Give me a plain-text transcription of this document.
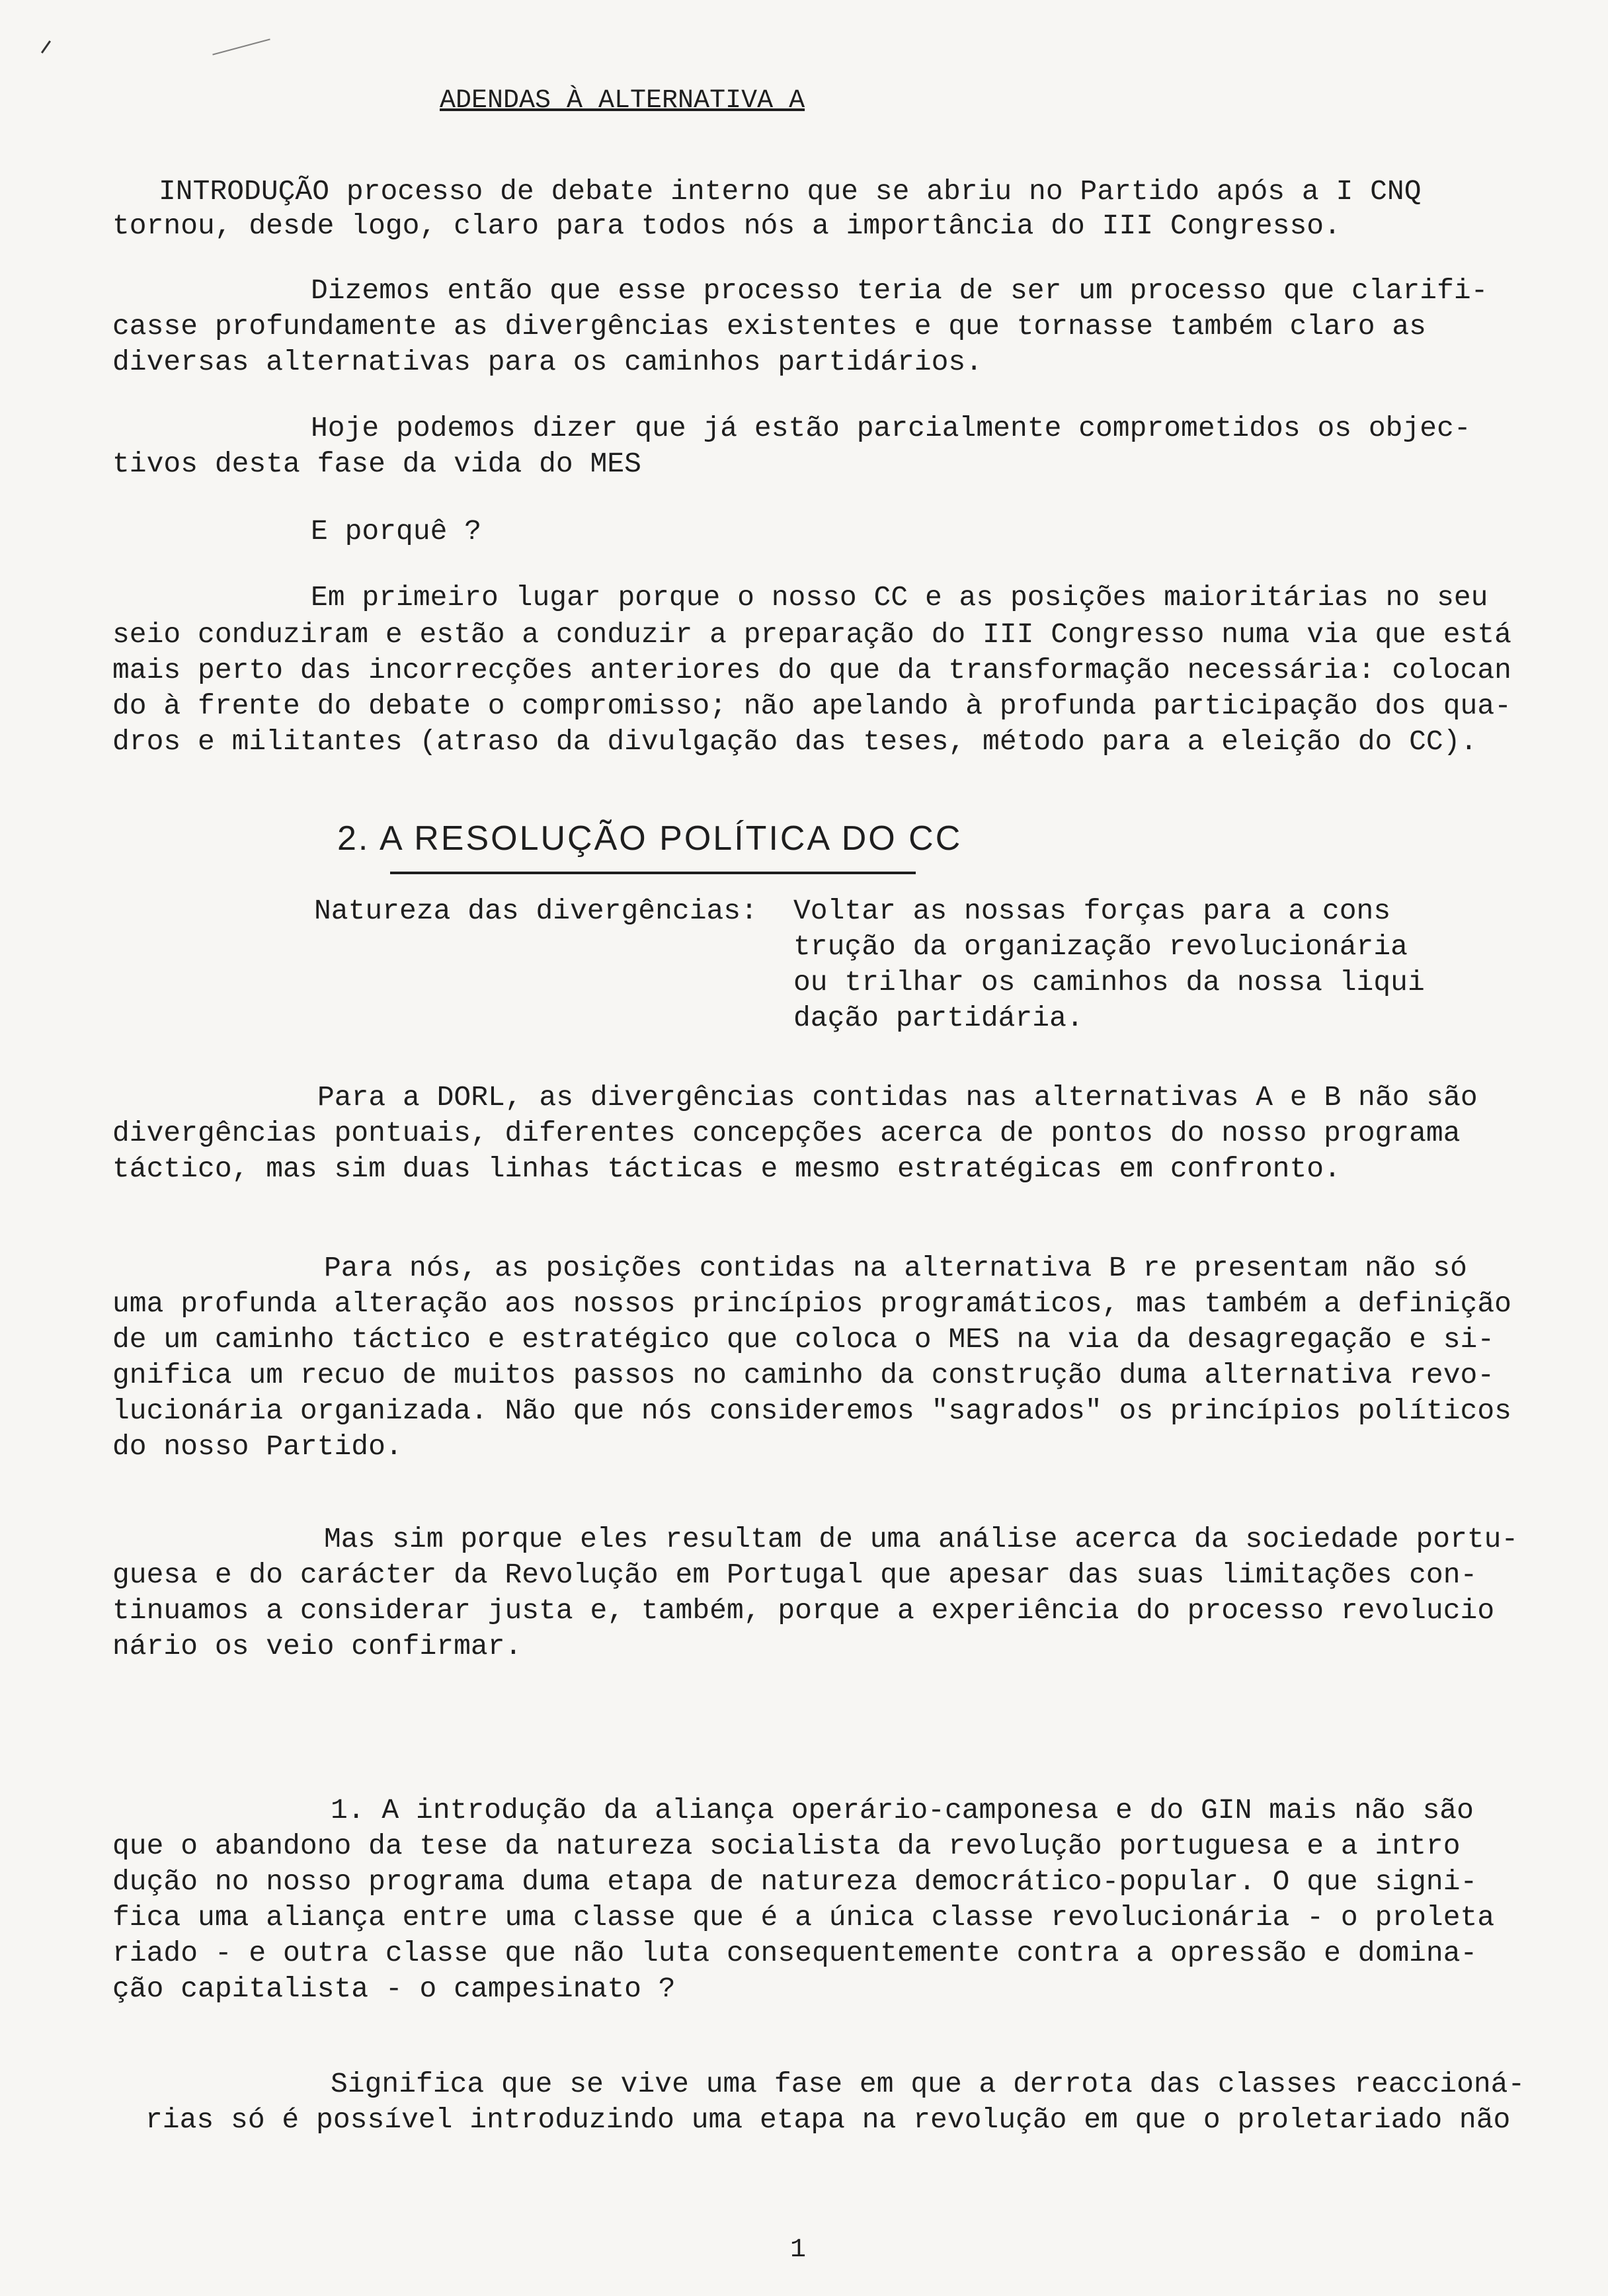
ADENDAS À ALTERNATIVA A
INTRODUÇÃO processo de debate interno que se abriu no Partido após a I CNQ
tornou, desde logo, claro para todos nós a importância do III Congresso.
Dizemos então que esse processo teria de ser um processo que clarifi-
casse profundamente as divergências existentes e que tornasse também claro as
diversas alternativas para os caminhos partidários.
Hoje podemos dizer que já estão parcialmente comprometidos os objec-
tivos desta fase da vida do MES
E porquê ?
Em primeiro lugar porque o nosso CC e as posições maioritárias no seu
seio conduziram e estão a conduzir a preparação do III Congresso numa via que está
mais perto das incorrecções anteriores do que da transformação necessária: colocan
do à frente do debate o compromisso; não apelando à profunda participação dos qua-
dros e militantes (atraso da divulgação das teses, método para a eleição do CC).
2. A RESOLUÇÃO POLÍTICA DO CC
Natureza das divergências: Voltar as nossas forças para a cons
trução da organização revolucionária
ou trilhar os caminhos da nossa liqui
dação partidária.
Para a DORL, as divergências contidas nas alternativas A e B não são
divergências pontuais, diferentes concepções acerca de pontos do nosso programa
táctico, mas sim duas linhas tácticas e mesmo estratégicas em confronto.
Para nós, as posições contidas na alternativa B re presentam não só
uma profunda alteração aos nossos princípios programáticos, mas também a definição
de um caminho táctico e estratégico que coloca o MES na via da desagregação e si-
gnifica um recuo de muitos passos no caminho da construção duma alternativa revo-
lucionária organizada. Não que nós consideremos "sagrados" os princípios políticos
do nosso Partido.
Mas sim porque eles resultam de uma análise acerca da sociedade portu-
guesa e do carácter da Revolução em Portugal que apesar das suas limitações con-
tinuamos a considerar justa e, também, porque a experiência do processo revolucio
nário os veio confirmar.
1. A introdução da aliança operário-camponesa e do GIN mais não são
que o abandono da tese da natureza socialista da revolução portuguesa e a intro
dução no nosso programa duma etapa de natureza democrático-popular. O que signi-
fica uma aliança entre uma classe que é a única classe revolucionária - o proleta
riado - e outra classe que não luta consequentemente contra a opressão e domina-
ção capitalista - o campesinato ?
Significa que se vive uma fase em que a derrota das classes reaccioná-
rias só é possível introduzindo uma etapa na revolução em que o proletariado não
1
